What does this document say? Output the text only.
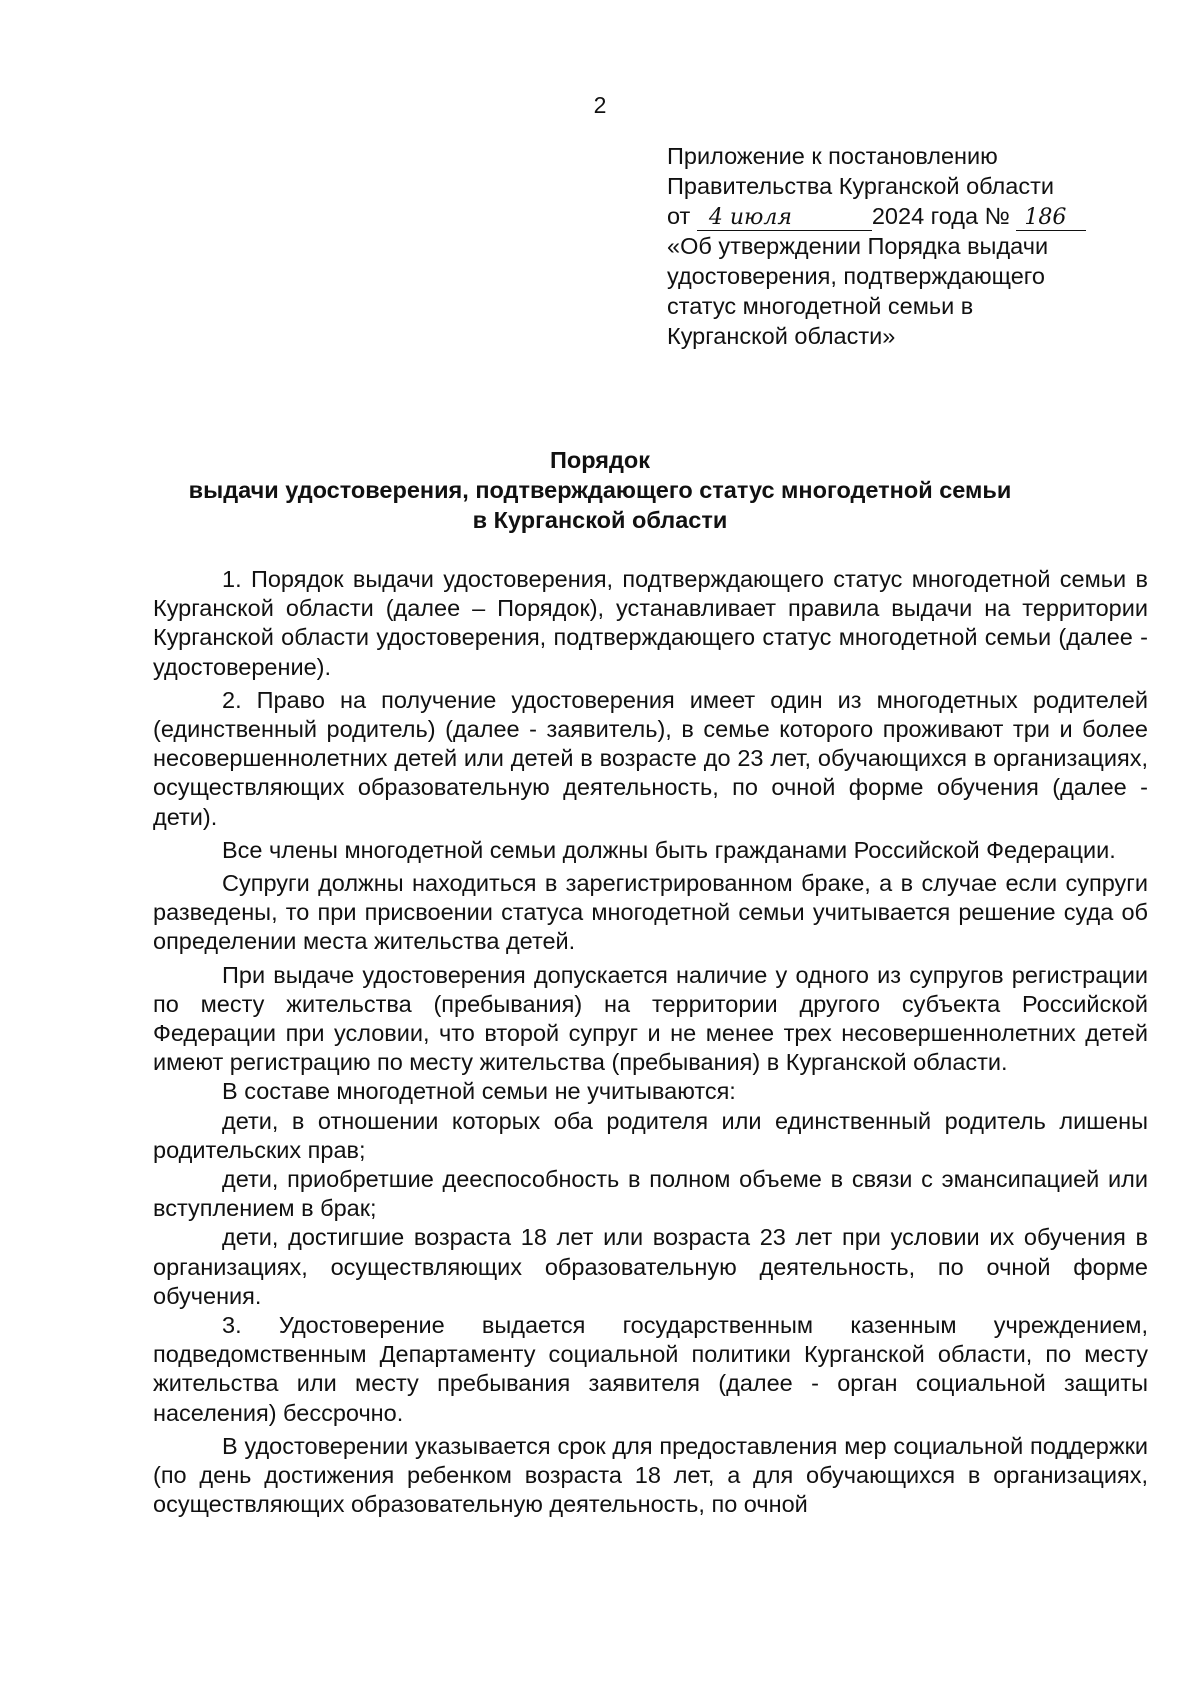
2
Приложение к постановлению
Правительства Курганской области
от 4 июля	2024 года № 186
«Об утверждении Порядка выдачи
удостоверения, подтверждающего
статус многодетной семьи в
Курганской области»
Порядок
выдачи удостоверения, подтверждающего статус многодетной семьи
в Курганской области

1. Порядок выдачи удостоверения, подтверждающего статус многодетной семьи в Курганской области (далее – Порядок), устанавливает правила выдачи на территории Курганской области удостоверения, подтверждающего статус многодетной семьи (далее - удостоверение).

2. Право на получение удостоверения имеет один из многодетных родителей (единственный родитель) (далее - заявитель), в семье которого проживают три и более несовершеннолетних детей или детей в возрасте до 23 лет, обучающихся в организациях, осуществляющих образовательную деятельность, по очной форме обучения (далее - дети).

Все члены многодетной семьи должны быть гражданами Российской Федерации.

Супруги должны находиться в зарегистрированном браке, а в случае если супруги разведены, то при присвоении статуса многодетной семьи учитывается решение суда об определении места жительства детей.

При выдаче удостоверения допускается наличие у одного из супругов регистрации по месту жительства (пребывания) на территории другого субъекта Российской Федерации при условии, что второй супруг и не менее трех несовершеннолетних детей имеют регистрацию по месту жительства (пребывания) в Курганской области.

В составе многодетной семьи не учитываются:

дети, в отношении которых оба родителя или единственный родитель лишены родительских прав;

дети, приобретшие дееспособность в полном объеме в связи с эмансипацией или вступлением в брак;

дети, достигшие возраста 18 лет или возраста 23 лет при условии их обучения в организациях, осуществляющих образовательную деятельность, по очной форме обучения.

3. Удостоверение выдается государственным казенным учреждением, подведомственным Департаменту социальной политики Курганской области, по месту жительства или месту пребывания заявителя (далее - орган социальной защиты населения) бессрочно.

В удостоверении указывается срок для предоставления мер социальной поддержки (по день достижения ребенком возраста 18 лет, а для обучающихся в организациях, осуществляющих образовательную деятельность, по очной
